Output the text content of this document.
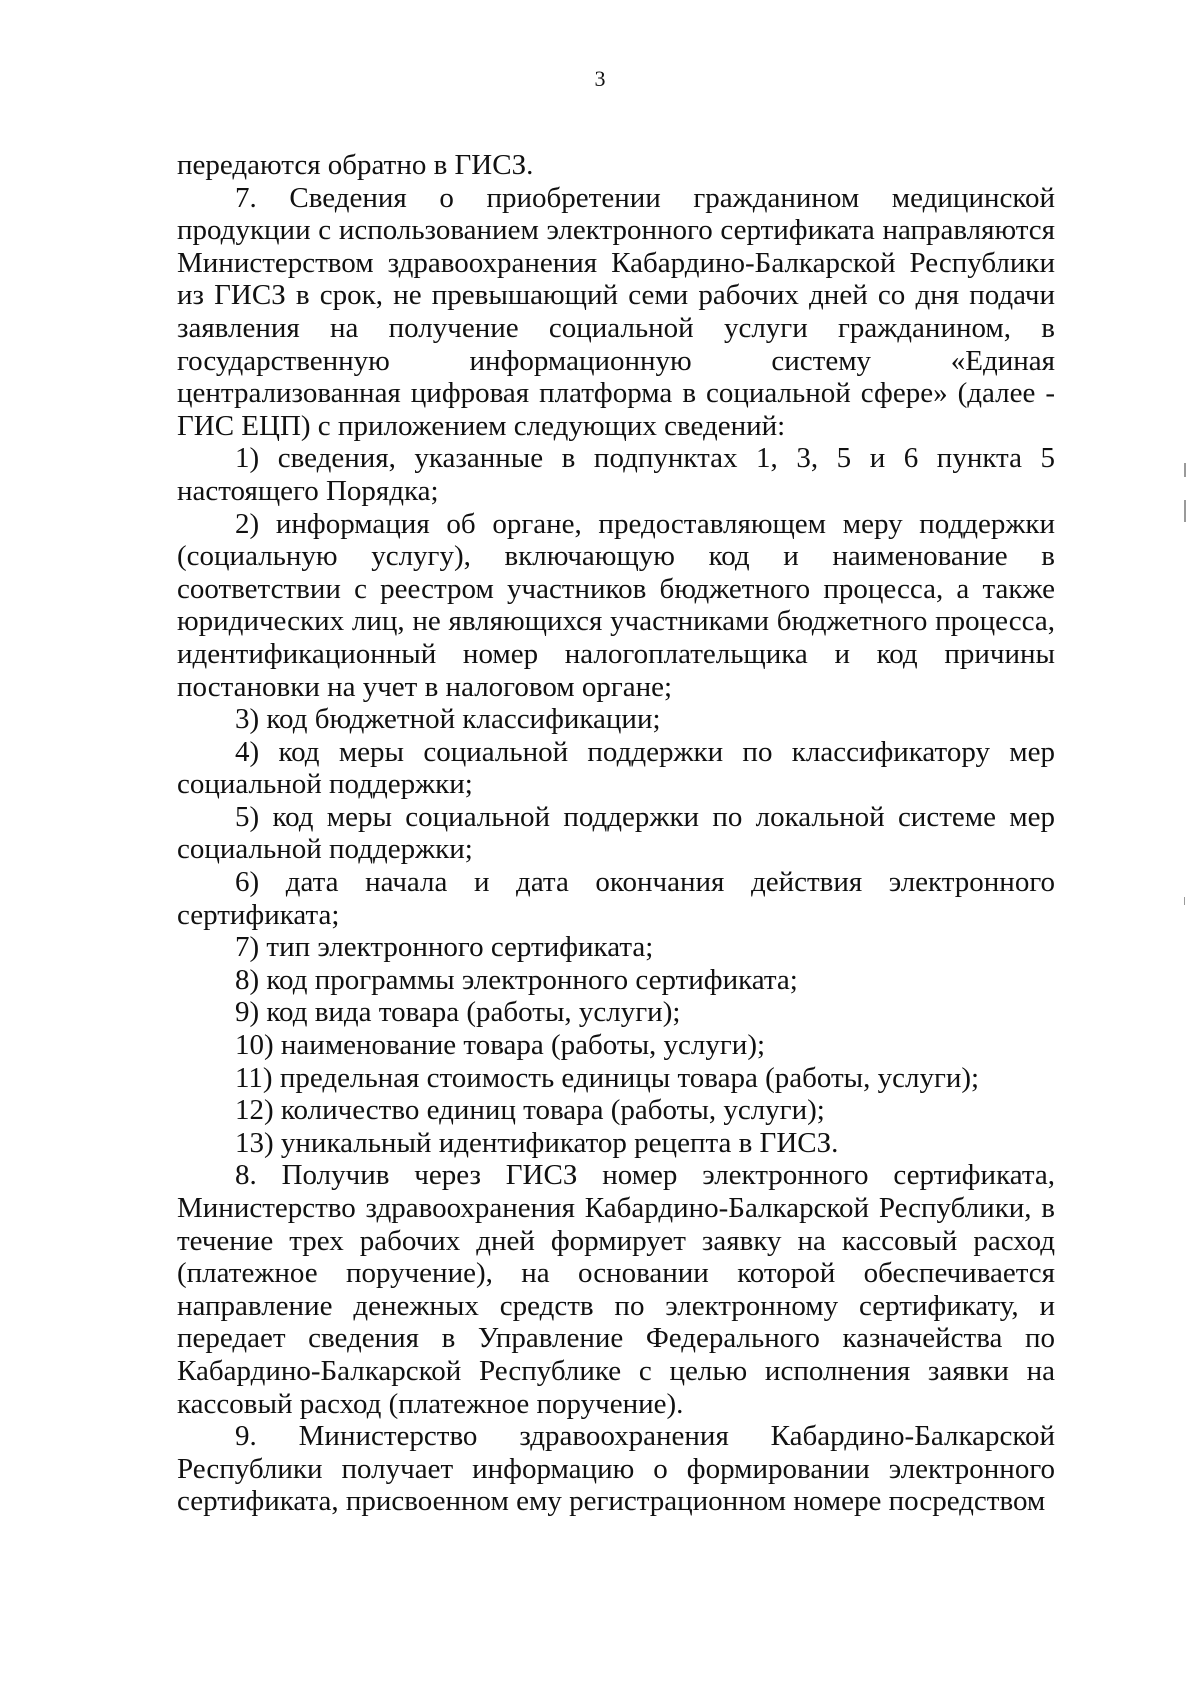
3

передаются обратно в ГИСЗ.

7. Сведения о приобретении гражданином медицинской продукции с использованием электронного сертификата направляются Министерством здравоохранения Кабардино-Балкарской Республики из ГИСЗ в срок, не превышающий семи рабочих дней со дня подачи заявления на получение социальной услуги гражданином, в государственную информационную систему «Единая централизованная цифровая платформа в социальной сфере» (далее - ГИС ЕЦП) с приложением следующих сведений:

1) сведения, указанные в подпунктах 1, 3, 5 и 6 пункта 5 настоящего Порядка;

2) информация об органе, предоставляющем меру поддержки (социальную услугу), включающую код и наименование в соответствии с реестром участников бюджетного процесса, а также юридических лиц, не являющихся участниками бюджетного процесса, идентификационный номер налогоплательщика и код причины постановки на учет в налоговом органе;

3) код бюджетной классификации;

4) код меры социальной поддержки по классификатору мер социальной поддержки;

5) код меры социальной поддержки по локальной системе мер социальной поддержки;

6) дата начала и дата окончания действия электронного сертификата;

7) тип электронного сертификата;

8) код программы электронного сертификата;

9) код вида товара (работы, услуги);

10) наименование товара (работы, услуги);

11) предельная стоимость единицы товара (работы, услуги);

12) количество единиц товара (работы, услуги);

13) уникальный идентификатор рецепта в ГИСЗ.

8. Получив через ГИСЗ номер электронного сертификата, Министерство здравоохранения Кабардино-Балкарской Республики, в течение трех рабочих дней формирует заявку на кассовый расход (платежное поручение), на основании которой обеспечивается направление денежных средств по электронному сертификату, и передает сведения в Управление Федерального казначейства по Кабардино-Балкарской Республике с целью исполнения заявки на кассовый расход (платежное поручение).

9. Министерство здравоохранения Кабардино-Балкарской
Республики получает информацию о формировании электронного сертификата, присвоенном ему регистрационном номере посредством
